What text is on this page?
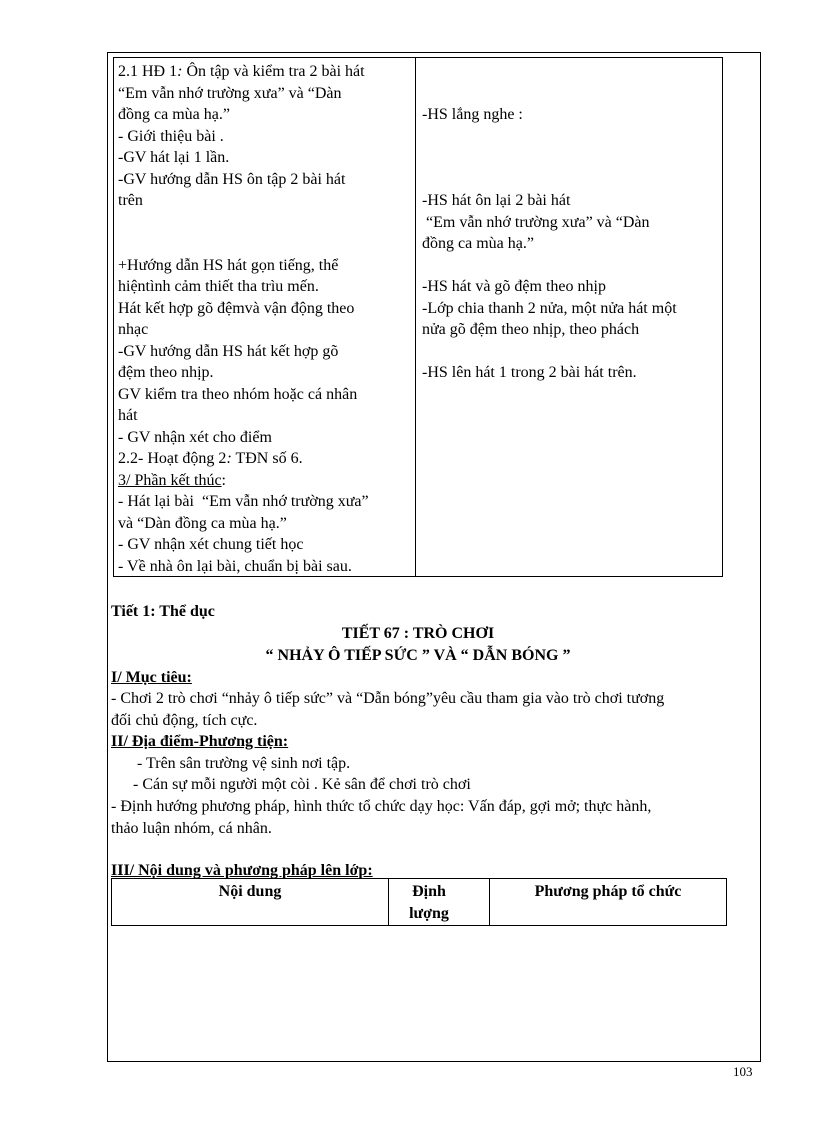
2.1 HĐ 1: Ôn tập và kiểm tra 2 bài hát
“Em vẫn nhớ trường xưa” và “Dàn
đồng ca mùa hạ.”
- Giới thiệu bài .
-GV hát lại 1 lần.
-GV hướng dẫn HS ôn tập 2 bài hát
trên
+Hướng dẫn HS hát gọn tiếng, thể
hiệntình cảm thiết tha trìu mến.
Hát kết hợp gõ đệmvà vận động theo
nhạc
-GV hướng dẫn HS hát kết hợp gõ
đệm theo nhịp.
GV kiểm tra theo nhóm hoặc cá nhân
hát
- GV nhận xét cho điểm
2.2- Hoạt động 2: TĐN số 6.
3/ Phần kết thúc:
- Hát lại bài  “Em vẫn nhớ trường xưa”
và “Dàn đồng ca mùa hạ.”
- GV nhận xét chung tiết học
- Về nhà ôn lại bài, chuẩn bị bài sau.
-HS lắng nghe :
-HS hát ôn lại 2 bài hát
“Em vẫn nhớ trường xưa” và “Dàn
đồng ca mùa hạ.”
-HS hát và gõ đệm theo nhịp
-Lớp chia thanh 2 nửa, một nửa hát một
nửa gõ đệm theo nhịp, theo phách
-HS lên hát 1 trong 2 bài hát trên.
Tiết 1: Thể dục
TIẾT 67 : TRÒ CHƠI
“ NHẢY Ô TIẾP SỨC ” VÀ “ DẪN BÓNG ”
I/ Mục tiêu:
- Chơi 2 trò chơi “nhảy ô tiếp sức” và “Dẫn bóng”yêu cầu tham gia vào trò chơi tương
đối chủ động, tích cực.
II/ Địa điểm-Phương tiện:
- Trên sân trường vệ sinh nơi tập.
- Cán sự mỗi người một còi . Kẻ sân để chơi trò chơi
- Định hướng phương pháp, hình thức tổ chức dạy học: Vấn đáp, gợi mở; thực hành,
thảo luận nhóm, cá nhân.
III/ Nội dung và phương pháp lên lớp:
Nội dung	Định lượng
Phương pháp tổ chức
103
